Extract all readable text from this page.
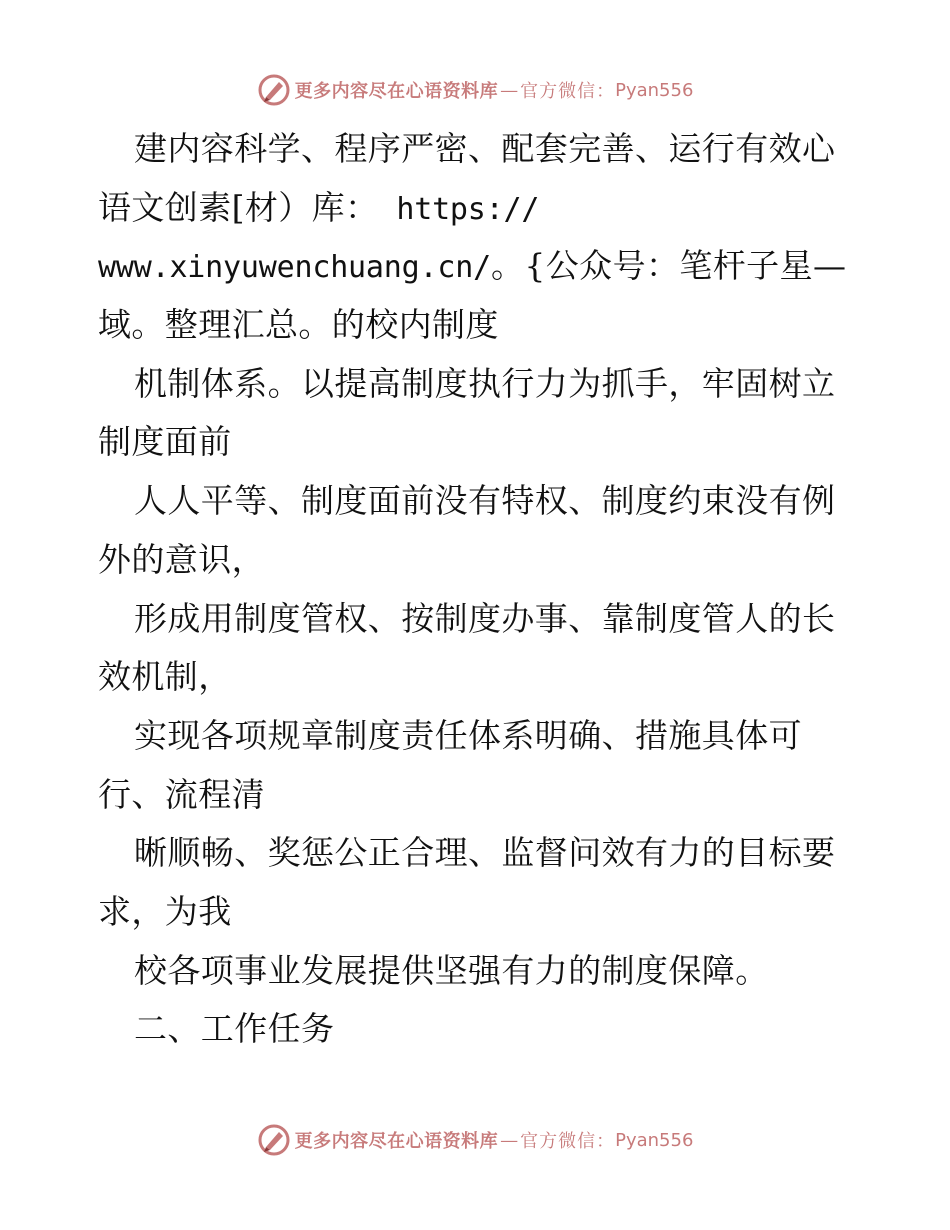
更多内容尽在心语资料库 — 官方微信： Pyan556
建内容科学、程序严密、配套完善、运行有效心
语文创素[材）库： https://
www.xinyuwenchuang.cn/。{公众号：笔杆子星—
域。整理汇总。的校内制度
机制体系。以提高制度执行力为抓手，牢固树立
制度面前
人人平等、制度面前没有特权、制度约束没有例
外的意识，
形成用制度管权、按制度办事、靠制度管人的长
效机制，
实现各项规章制度责任体系明确、措施具体可
行、流程清
晰顺畅、奖惩公正合理、监督问效有力的目标要
求，为我
校各项事业发展提供坚强有力的制度保障。
二、工作任务
更多内容尽在心语资料库 — 官方微信： Pyan556
